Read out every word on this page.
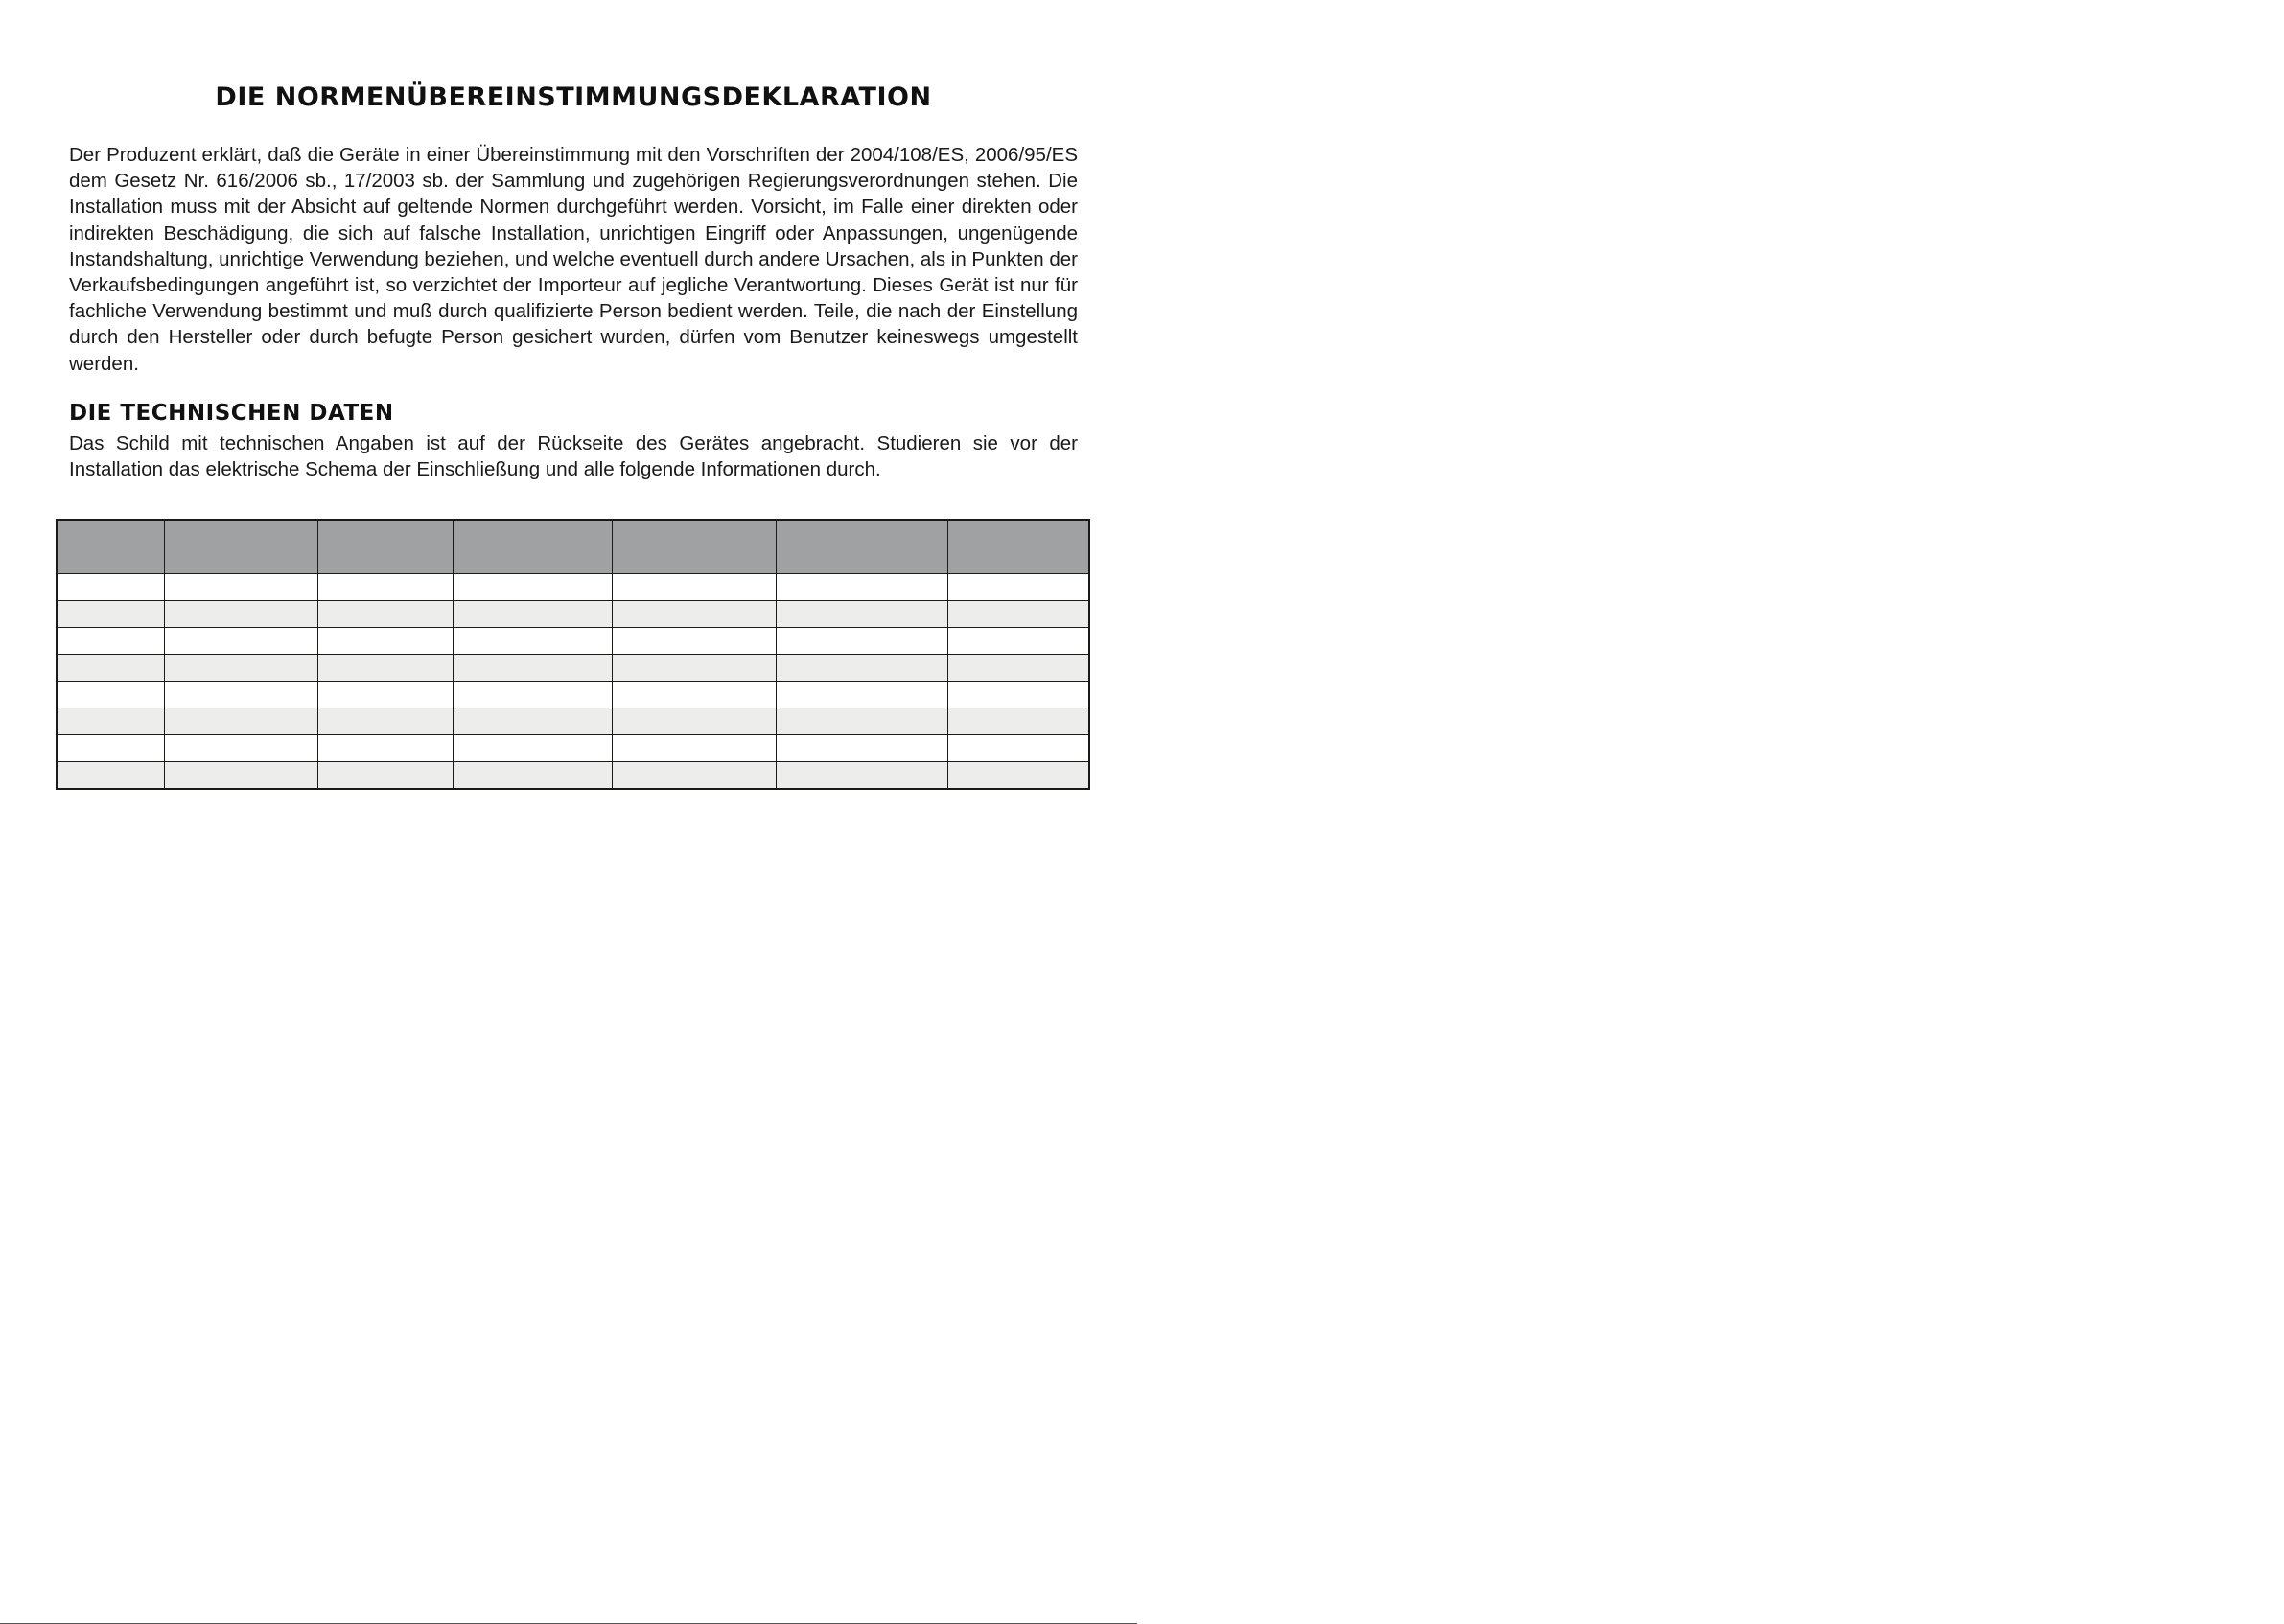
DIE NORMENÜBEREINSTIMMUNGSDEKLARATION
Der Produzent erklärt, daß die Geräte in einer Übereinstimmung mit den Vorschriften der 2004/108/ES, 2006/95/ES dem Gesetz Nr. 616/2006 sb., 17/2003 sb. der Sammlung und zugehörigen Regierungsverordnungen stehen. Die Installation muss mit der Absicht auf geltende Normen durchgeführt werden. Vorsicht, im Falle einer direkten oder indirekten Beschädigung, die sich auf falsche Installation, unrichtigen Eingriff oder Anpassungen, ungenügende Instandshaltung, unrichtige Verwendung beziehen, und welche eventuell durch andere Ursachen, als in Punkten der Verkaufsbedingungen angeführt ist, so verzichtet der Importeur auf jegliche Verantwortung. Dieses Gerät ist nur für fachliche Verwendung bestimmt und muß durch qualifizierte Person bedient werden. Teile, die nach der Einstellung durch den Hersteller oder durch befugte Person gesichert wurden, dürfen vom Benutzer keineswegs umgestellt werden.
DIE TECHNISCHEN DATEN
Das Schild mit technischen Angaben ist auf der Rückseite des Gerätes angebracht. Studieren sie vor der Installation das elektrische Schema der Einschließung und alle folgende Informationen durch.
